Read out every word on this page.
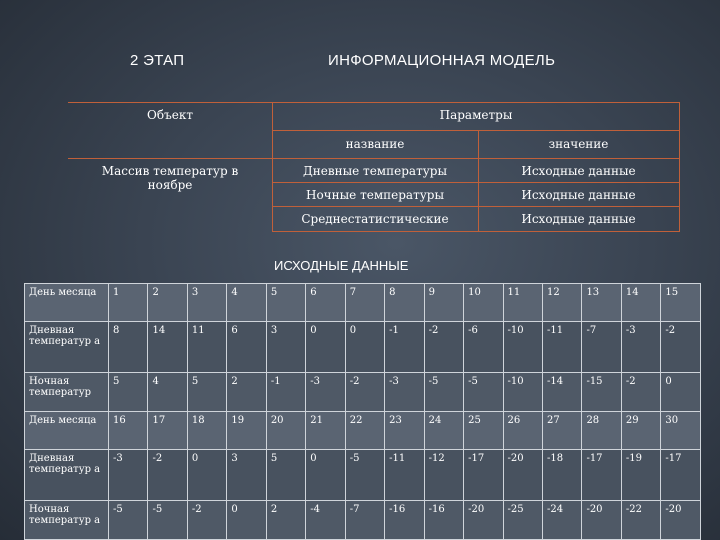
2 ЭТАП	ИНФОРМАЦИОННАЯ МОДЕЛЬ
Объект	Параметры
название	значение
Массив температур в ноябре
Дневные температуры	Исходные данные
Ночные температуры	Исходные данные
Среднестатистические	Исходные данные
ИСХОДНЫЕ ДАННЫЕ
День месяца	1	2	3	4	5	6	7	8	9	10	11	12	13	14	15
Дневная температур а	8	14	11	6	3	0	0	-1	-2	-6	-10	-11	-7	-3	-2
Ночная температур	5	4	5	2	-1	-3	-2	-3	-5	-5	-10	-14	-15	-2	0
День месяца	16	17	18	19	20	21	22	23	24	25	26	27	28	29	30
Дневная температур а	-3	-2	0	3	5	0	-5	-11	-12	-17	-20	-18	-17	-19	-17
Ночная температур а	-5	-5	-2	0	2	-4	-7	-16	-16	-20	-25	-24	-20	-22	-20
